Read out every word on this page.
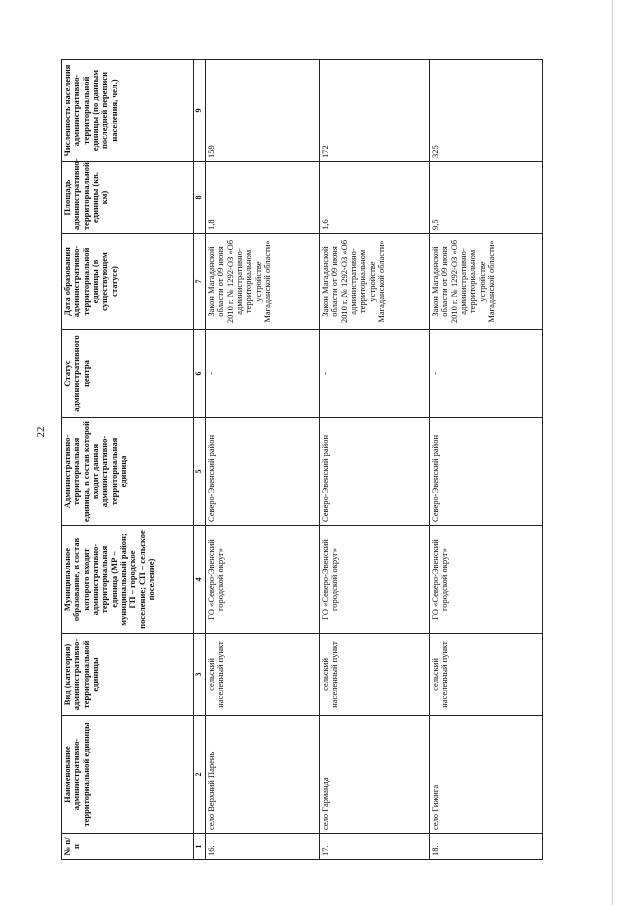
22
№ п/п	Наименование административно-территориальной единицы	Вид (категория) административно-территориальной единицы	Муниципальное образование, в состав которого входит административно-территориальная единица (МР – муниципальный район; ГП – городское поселение; СП – сельское поселение)	Административно-территориальная единица, в состав которой входит данная административно-территориальная единица	Статус административного центра	Дата образования административно-территориальной единицы (в существующем статусе)	Площадь административно-территориальной единицы (кв. км)	Численность населения административно-территориальной единицы (по данным последней переписи населения, чел.)
1	2	3	4	5	6	7	8	9
16.	село Верхний Парень	сельский населенный пункт	ГО «Северо-Эвенский городской округ»	Северо-Эвенский район	-	Закон Магаданской области от 09 июня 2010 г. № 1292-ОЗ «Об административно-территориальном устройстве Магаданской области»	1,8	159
17.	село Гарманда	сельский населенный пункт	ГО «Северо-Эвенский городской округ»	Северо-Эвенский район	-	Закон Магаданской области от 09 июня 2010 г. № 1292-ОЗ «Об административно-территориальном устройстве Магаданской области»	1,6	172
18.	село Гижига	сельский населенный пункт	ГО «Северо-Эвенский городской округ»	Северо-Эвенский район	-	Закон Магаданской области от 09 июня 2010 г. № 1292-ОЗ «Об административно-территориальном устройстве Магаданской области»	9,5	325
